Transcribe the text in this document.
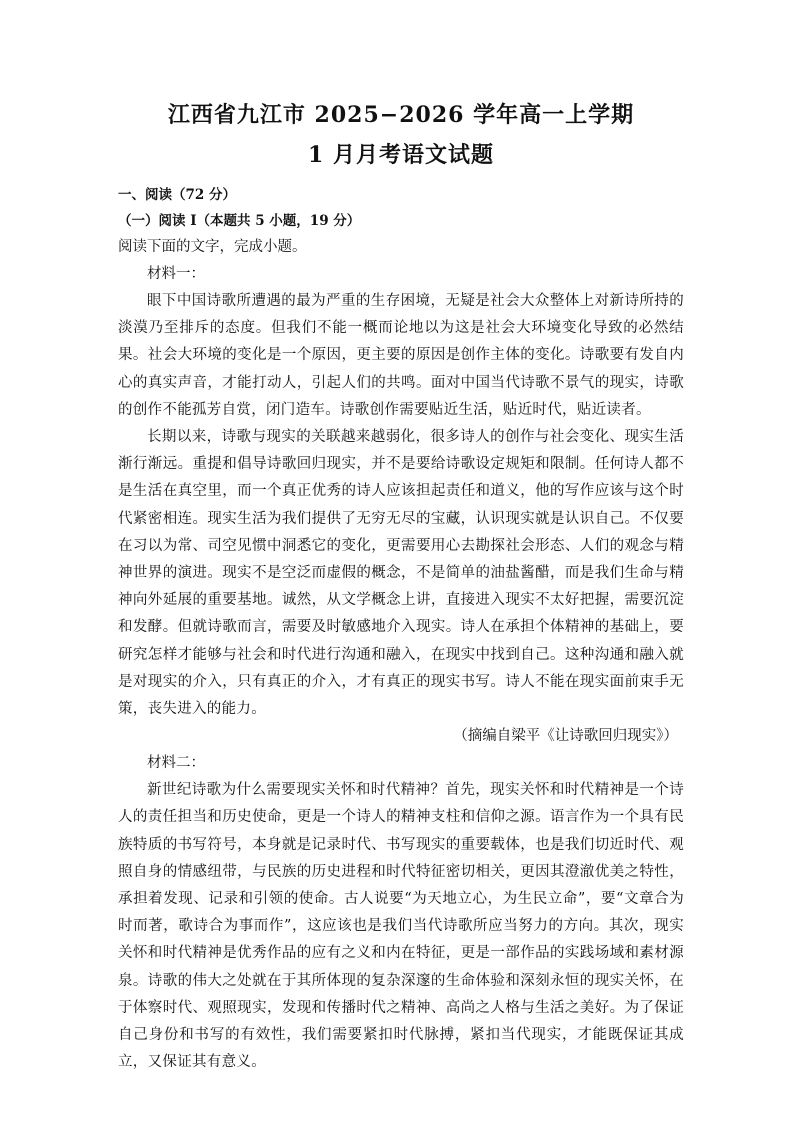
江西省九江市 2025−2026 学年高一上学期
1 月月考语文试题

一、阅读（72 分）

（一）阅读 I（本题共 5 小题，19 分）

阅读下面的文字，完成小题。

材料一：

眼下中国诗歌所遭遇的最为严重的生存困境，无疑是社会大众整体上对新诗所持的淡漠乃至排斥的态度。但我们不能一概而论地以为这是社会大环境变化导致的必然结果。社会大环境的变化是一个原因，更主要的原因是创作主体的变化。诗歌要有发自内心的真实声音，才能打动人，引起人们的共鸣。面对中国当代诗歌不景气的现实，诗歌的创作不能孤芳自赏，闭门造车。诗歌创作需要贴近生活，贴近时代，贴近读者。

长期以来，诗歌与现实的关联越来越弱化，很多诗人的创作与社会变化、现实生活渐行渐远。重提和倡导诗歌回归现实，并不是要给诗歌设定规矩和限制。任何诗人都不是生活在真空里，而一个真正优秀的诗人应该担起责任和道义，他的写作应该与这个时代紧密相连。现实生活为我们提供了无穷无尽的宝藏，认识现实就是认识自己。不仅要在习以为常、司空见惯中洞悉它的变化，更需要用心去勘探社会形态、人们的观念与精神世界的演进。现实不是空泛而虚假的概念，不是简单的油盐酱醋，而是我们生命与精神向外延展的重要基地。诚然，从文学概念上讲，直接进入现实不太好把握，需要沉淀和发酵。但就诗歌而言，需要及时敏感地介入现实。诗人在承担个体精神的基础上，要研究怎样才能够与社会和时代进行沟通和融入，在现实中找到自己。这种沟通和融入就是对现实的介入，只有真正的介入，才有真正的现实书写。诗人不能在现实面前束手无策，丧失进入的能力。

（摘编自梁平《让诗歌回归现实》）

材料二：

新世纪诗歌为什么需要现实关怀和时代精神？首先，现实关怀和时代精神是一个诗人的责任担当和历史使命，更是一个诗人的精神支柱和信仰之源。语言作为一个具有民族特质的书写符号，本身就是记录时代、书写现实的重要载体，也是我们切近时代、观照自身的情感纽带，与民族的历史进程和时代特征密切相关，更因其澄澈优美之特性，承担着发现、记录和引领的使命。古人说要“为天地立心，为生民立命”，要“文章合为时而著，歌诗合为事而作”，这应该也是我们当代诗歌所应当努力的方向。其次，现实关怀和时代精神是优秀作品的应有之义和内在特征，更是一部作品的实践场域和素材源泉。诗歌的伟大之处就在于其所体现的复杂深邃的生命体验和深刻永恒的现实关怀，在于体察时代、观照现实，发现和传播时代之精神、高尚之人格与生活之美好。为了保证自己身份和书写的有效性，我们需要紧扣时代脉搏，紧扣当代现实，才能既保证其成立，又保证其有意义。
